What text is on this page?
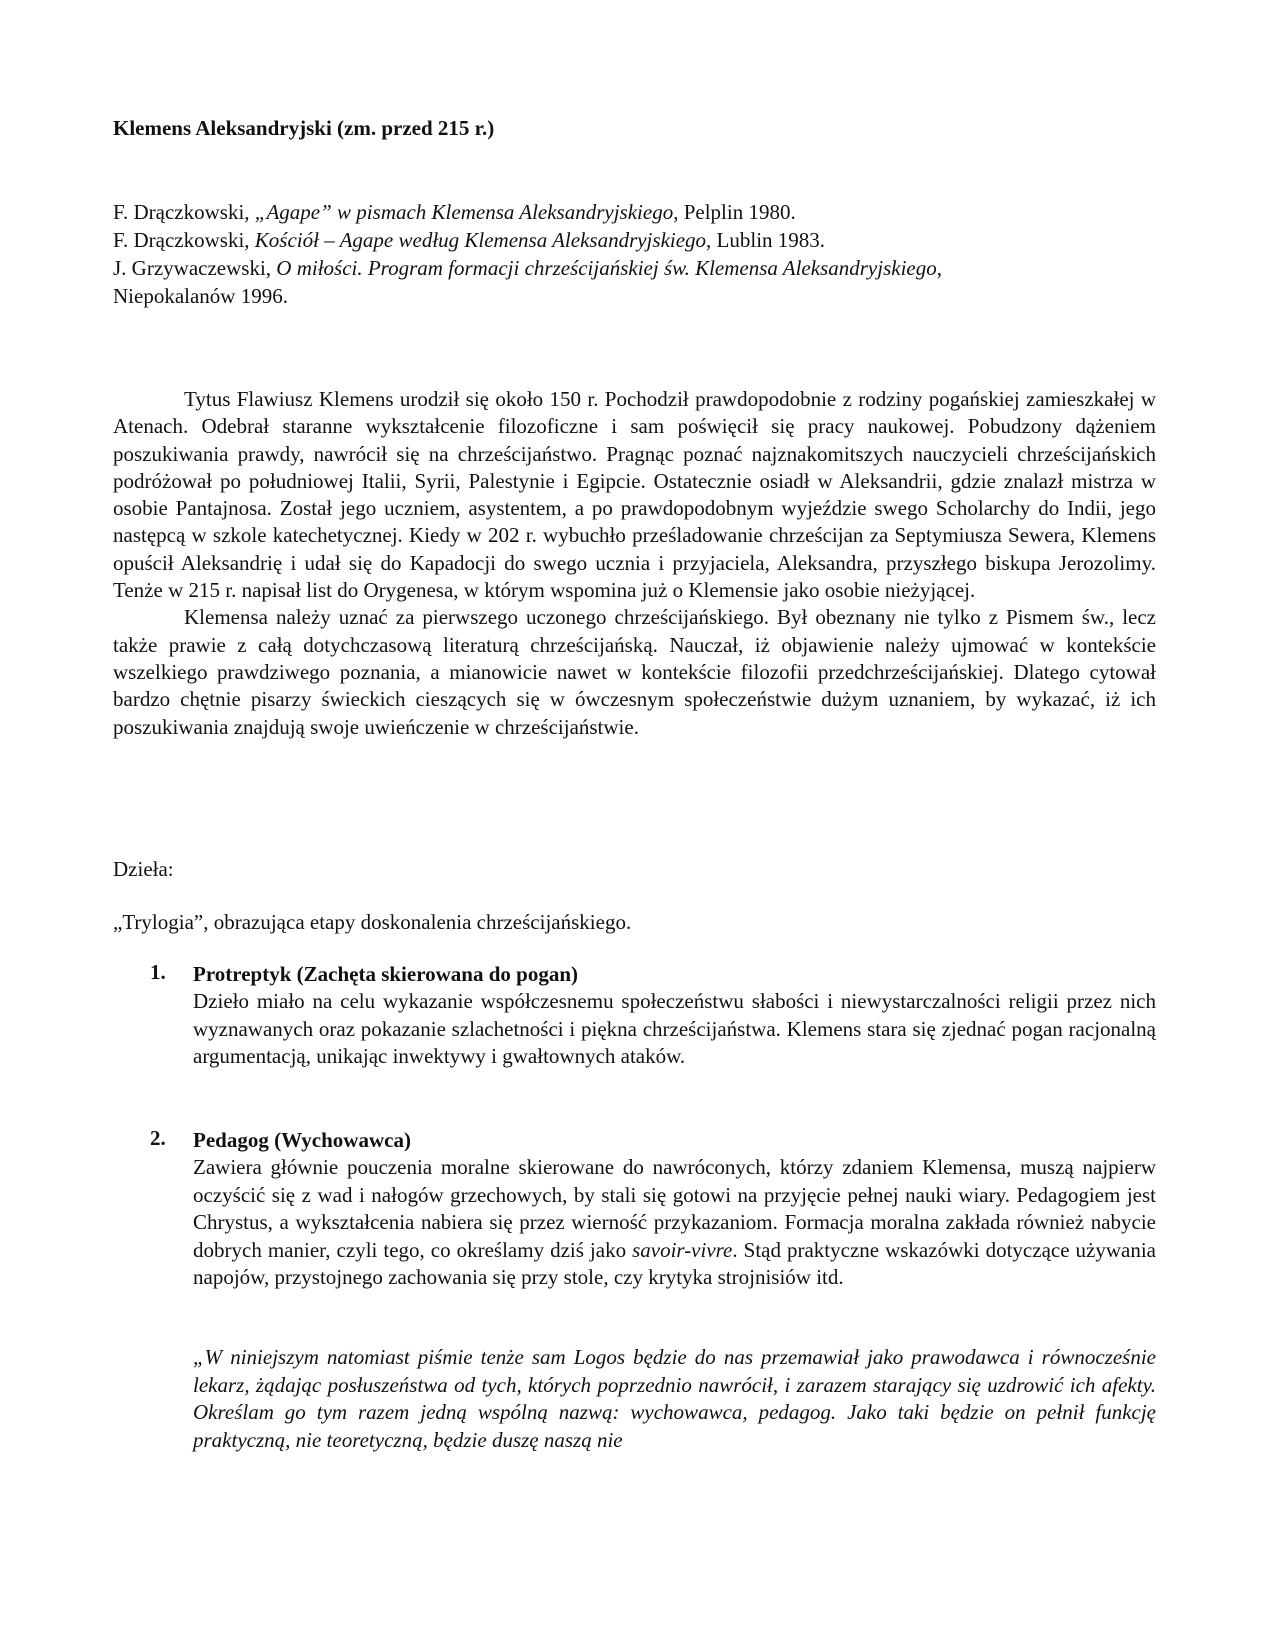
Klemens Aleksandryjski (zm. przed 215 r.)

F. Drączkowski, „Agape” w pismach Klemensa Aleksandryjskiego, Pelplin 1980.

F. Drączkowski, Kościół – Agape według Klemensa Aleksandryjskiego, Lublin 1983.

J. Grzywaczewski, O miłości. Program formacji chrześcijańskiej św. Klemensa Aleksandryjskiego,

Niepokalanów 1996.

Tytus Flawiusz Klemens urodził się około 150 r. Pochodził prawdopodobnie z rodziny pogańskiej zamieszkałej w Atenach. Odebrał staranne wykształcenie filozoficzne i sam poświęcił się pracy naukowej. Pobudzony dążeniem poszukiwania prawdy, nawrócił się na chrześcijaństwo. Pragnąc poznać najznakomitszych nauczycieli chrześcijańskich podróżował po południowej Italii, Syrii, Palestynie i Egipcie. Ostatecznie osiadł w Aleksandrii, gdzie znalazł mistrza w osobie Pantajnosa. Został jego uczniem, asystentem, a po prawdopodobnym wyjeździe swego Scholarchy do Indii, jego następcą w szkole katechetycznej. Kiedy w 202 r. wybuchło prześladowanie chrześcijan za Septymiusza Sewera, Klemens opuścił Aleksandrię i udał się do Kapadocji do swego ucznia i przyjaciela, Aleksandra, przyszłego biskupa Jerozolimy. Tenże w 215 r. napisał list do Orygenesa, w którym wspomina już o Klemensie jako osobie nieżyjącej.

Klemensa należy uznać za pierwszego uczonego chrześcijańskiego. Był obeznany nie tylko z Pismem św., lecz także prawie z całą dotychczasową literaturą chrześcijańską. Nauczał, iż objawienie należy ujmować w kontekście wszelkiego prawdziwego poznania, a mianowicie nawet w kontekście filozofii przedchrześcijańskiej. Dlatego cytował bardzo chętnie pisarzy świeckich cieszących się w ówczesnym społeczeństwie dużym uznaniem, by wykazać, iż ich poszukiwania znajdują swoje uwieńczenie w chrześcijaństwie.

Dzieła:
„Trylogia”, obrazująca etapy doskonalenia chrześcijańskiego.
1. Protreptyk (Zachęta skierowana do pogan)
Dzieło miało na celu wykazanie współczesnemu społeczeństwu słabości i niewystarczalności religii przez nich wyznawanych oraz pokazanie szlachetności i piękna chrześcijaństwa. Klemens stara się zjednać pogan racjonalną argumentacją, unikając inwektywy i gwałtownych ataków.
2. Pedagog (Wychowawca)
Zawiera głównie pouczenia moralne skierowane do nawróconych, którzy zdaniem Klemensa, muszą najpierw oczyścić się z wad i nałogów grzechowych, by stali się gotowi na przyjęcie pełnej nauki wiary. Pedagogiem jest Chrystus, a wykształcenia nabiera się przez wierność przykazaniom. Formacja moralna zakłada również nabycie dobrych manier, czyli tego, co określamy dziś jako savoir-vivre. Stąd praktyczne wskazówki dotyczące używania napojów, przystojnego zachowania się przy stole, czy krytyka strojnisiów itd.

„W niniejszym natomiast piśmie tenże sam Logos będzie do nas przemawiał jako prawodawca i równocześnie lekarz, żądając posłuszeństwa od tych, których poprzednio nawrócił, i zarazem starający się uzdrowić ich afekty. Określam go tym razem jedną wspólną nazwą: wychowawca, pedagog. Jako taki będzie on pełnił funkcję praktyczną, nie teoretyczną, będzie duszę naszą nie
